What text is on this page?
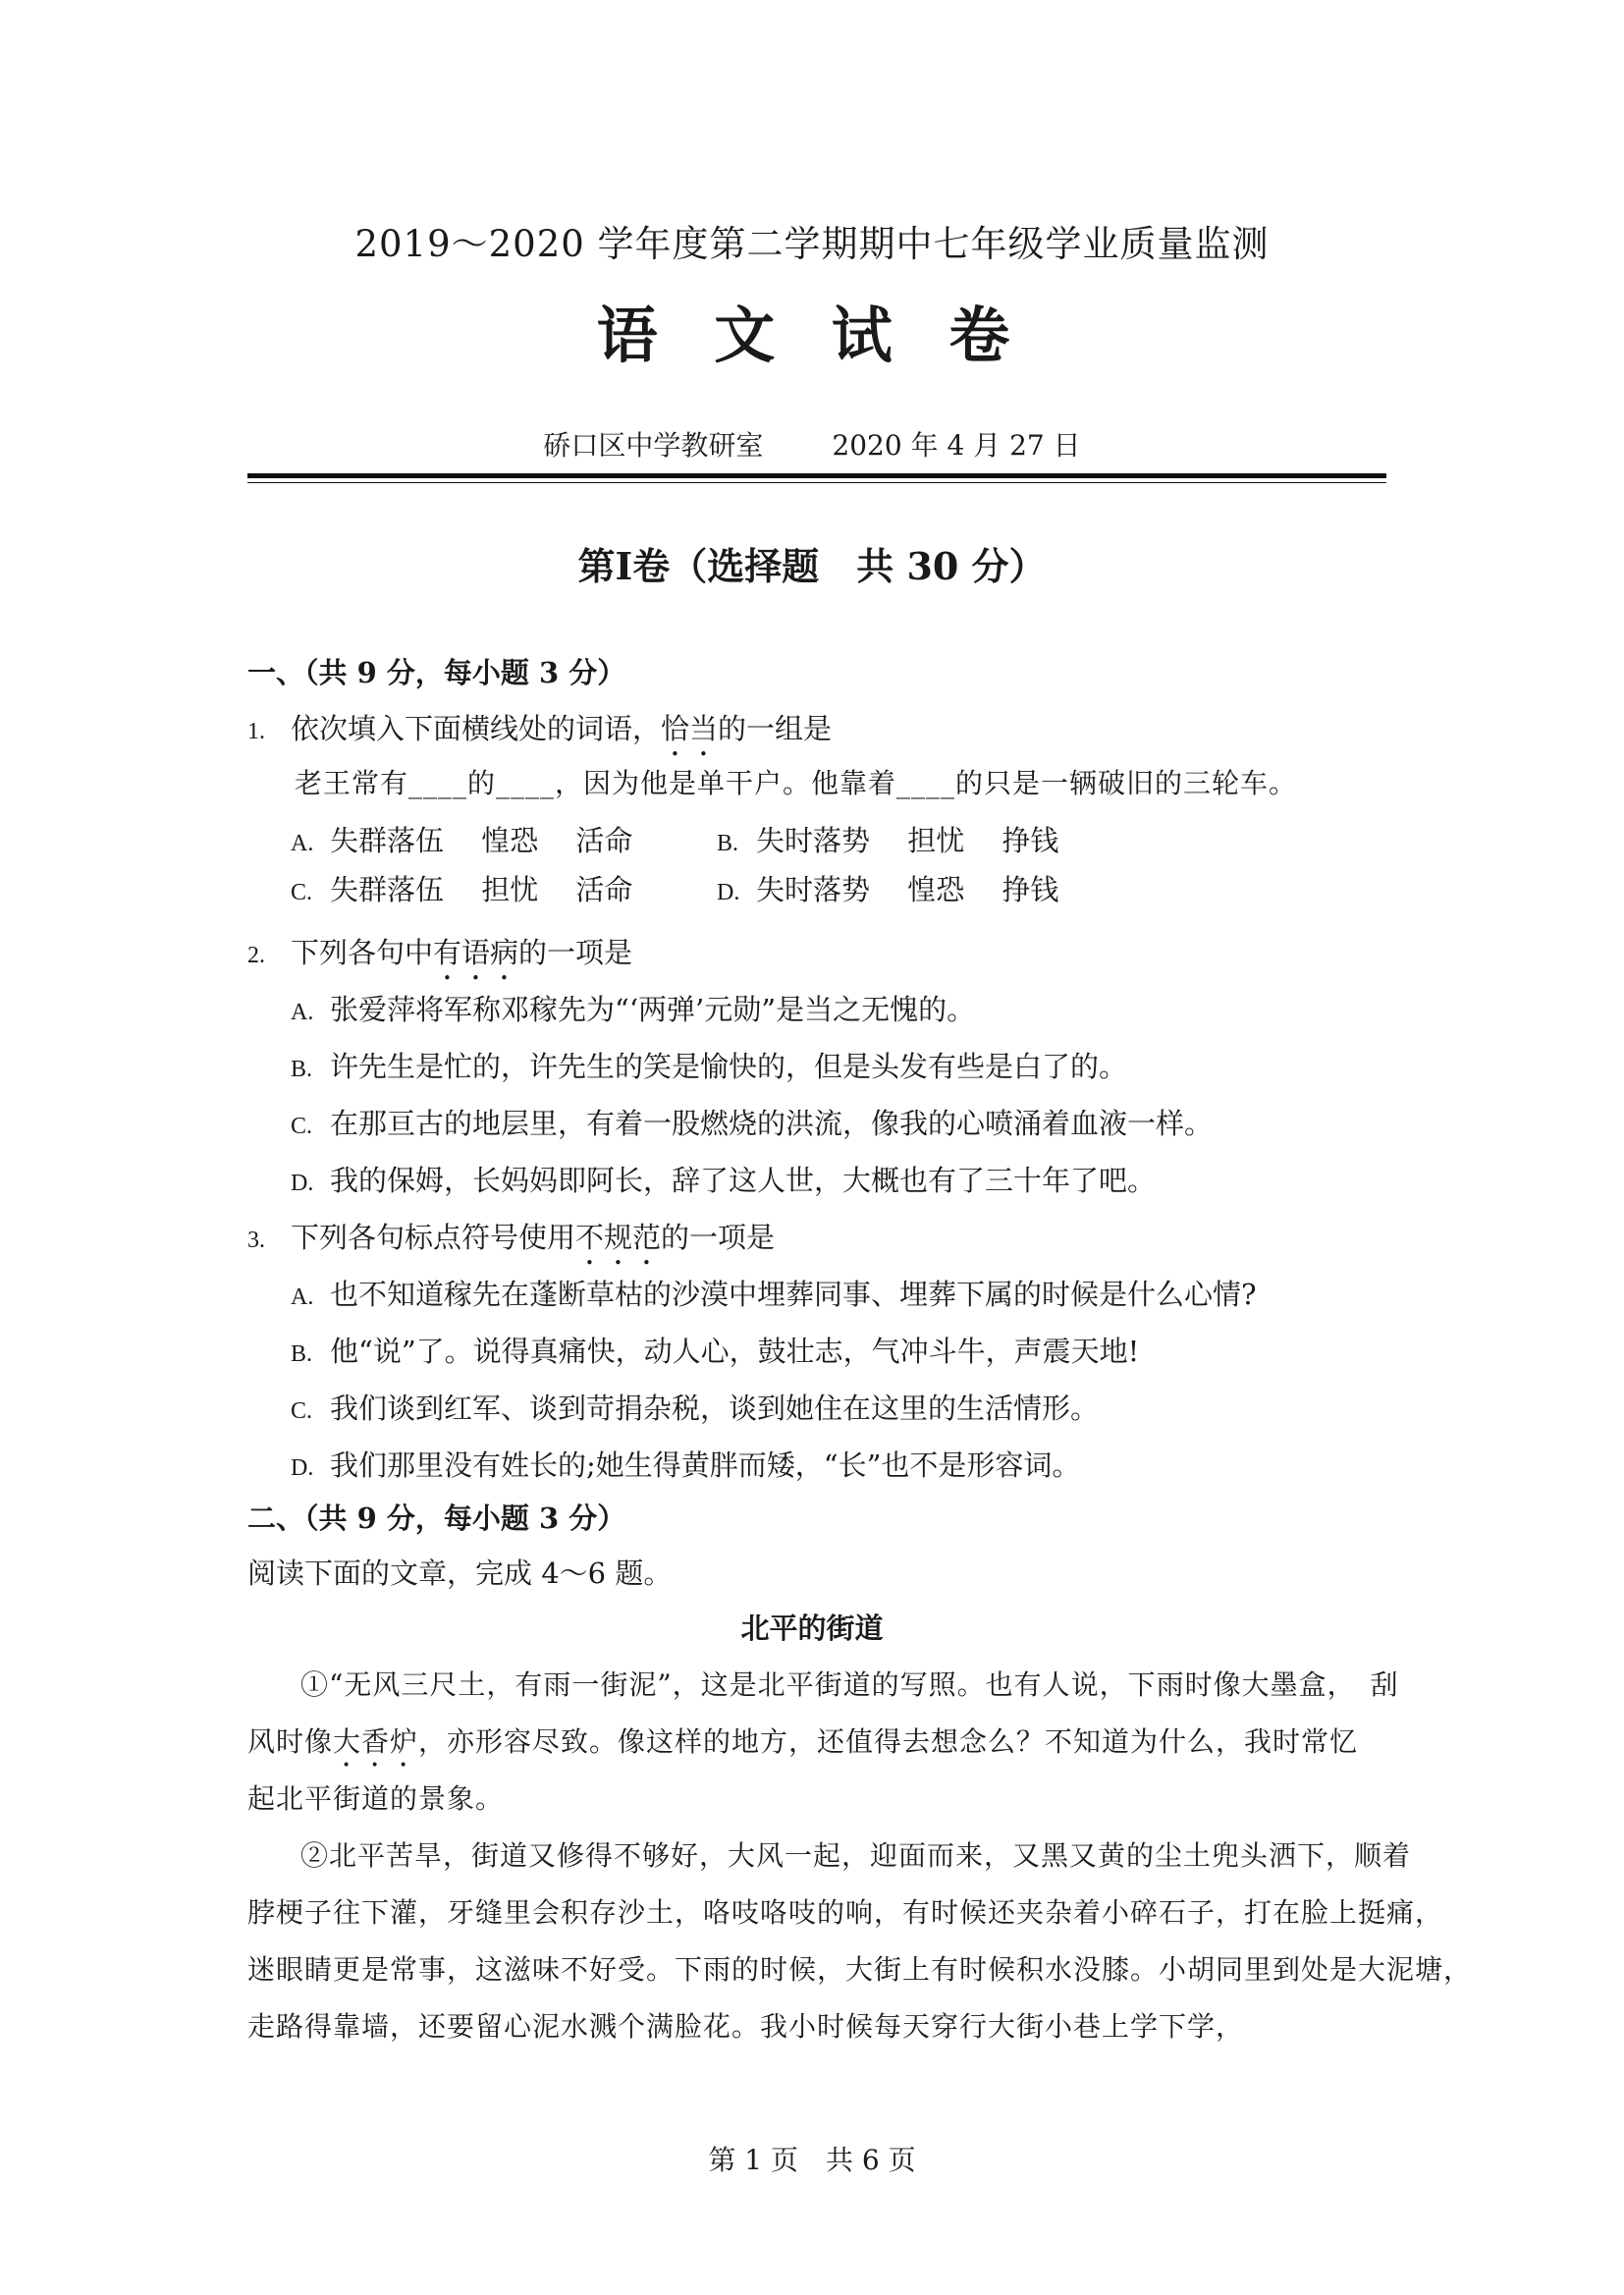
2019～2020 学年度第二学期期中七年级学业质量监测
语 文 试 卷
硚口区中学教研室	2020 年 4 月 27 日
第Ⅰ卷（选择题　共 30 分）
一、（共 9 分，每小题 3 分）
1. 依次填入下面横线处的词语，恰当的一组是
老王常有____的____，因为他是单干户。他靠着____的只是一辆破旧的三轮车。
A. 失群落伍　 惶恐　 活命	B. 失时落势　 担忧　 挣钱
C. 失群落伍　 担忧　 活命	D. 失时落势　 惶恐　 挣钱
2. 下列各句中有语病的一项是
A. 张爱萍将军称邓稼先为“‘两弹’元勋”是当之无愧的。
B. 许先生是忙的，许先生的笑是愉快的，但是头发有些是白了的。
C. 在那亘古的地层里，有着一股燃烧的洪流，像我的心喷涌着血液一样。
D. 我的保姆，长妈妈即阿长，辞了这人世，大概也有了三十年了吧。
3. 下列各句标点符号使用不规范的一项是
A. 也不知道稼先在蓬断草枯的沙漠中埋葬同事、埋葬下属的时候是什么心情?
B. 他“说”了。说得真痛快，动人心，鼓壮志，气冲斗牛，声震天地!
C. 我们谈到红军、谈到苛捐杂税，谈到她住在这里的生活情形。
D. 我们那里没有姓长的;她生得黄胖而矮，“长”也不是形容词。
二、（共 9 分，每小题 3 分）
阅读下面的文章，完成 4～6 题。
北平的街道
①“无风三尺土，有雨一街泥”，这是北平街道的写照。也有人说，下雨时像大墨盒，　刮
风时像大香炉，亦形容尽致。像这样的地方，还值得去想念么？不知道为什么，我时常忆
起北平街道的景象。
②北平苦旱，街道又修得不够好，大风一起，迎面而来，又黑又黄的尘土兜头洒下，顺着
脖梗子往下灌，牙缝里会积存沙土，咯吱咯吱的响，有时候还夹杂着小碎石子，打在脸上挺痛，
迷眼睛更是常事，这滋味不好受。下雨的时候，大街上有时候积水没膝。小胡同里到处是大泥塘，
走路得靠墙，还要留心泥水溅个满脸花。我小时候每天穿行大街小巷上学下学，
第 1 页　共 6 页
